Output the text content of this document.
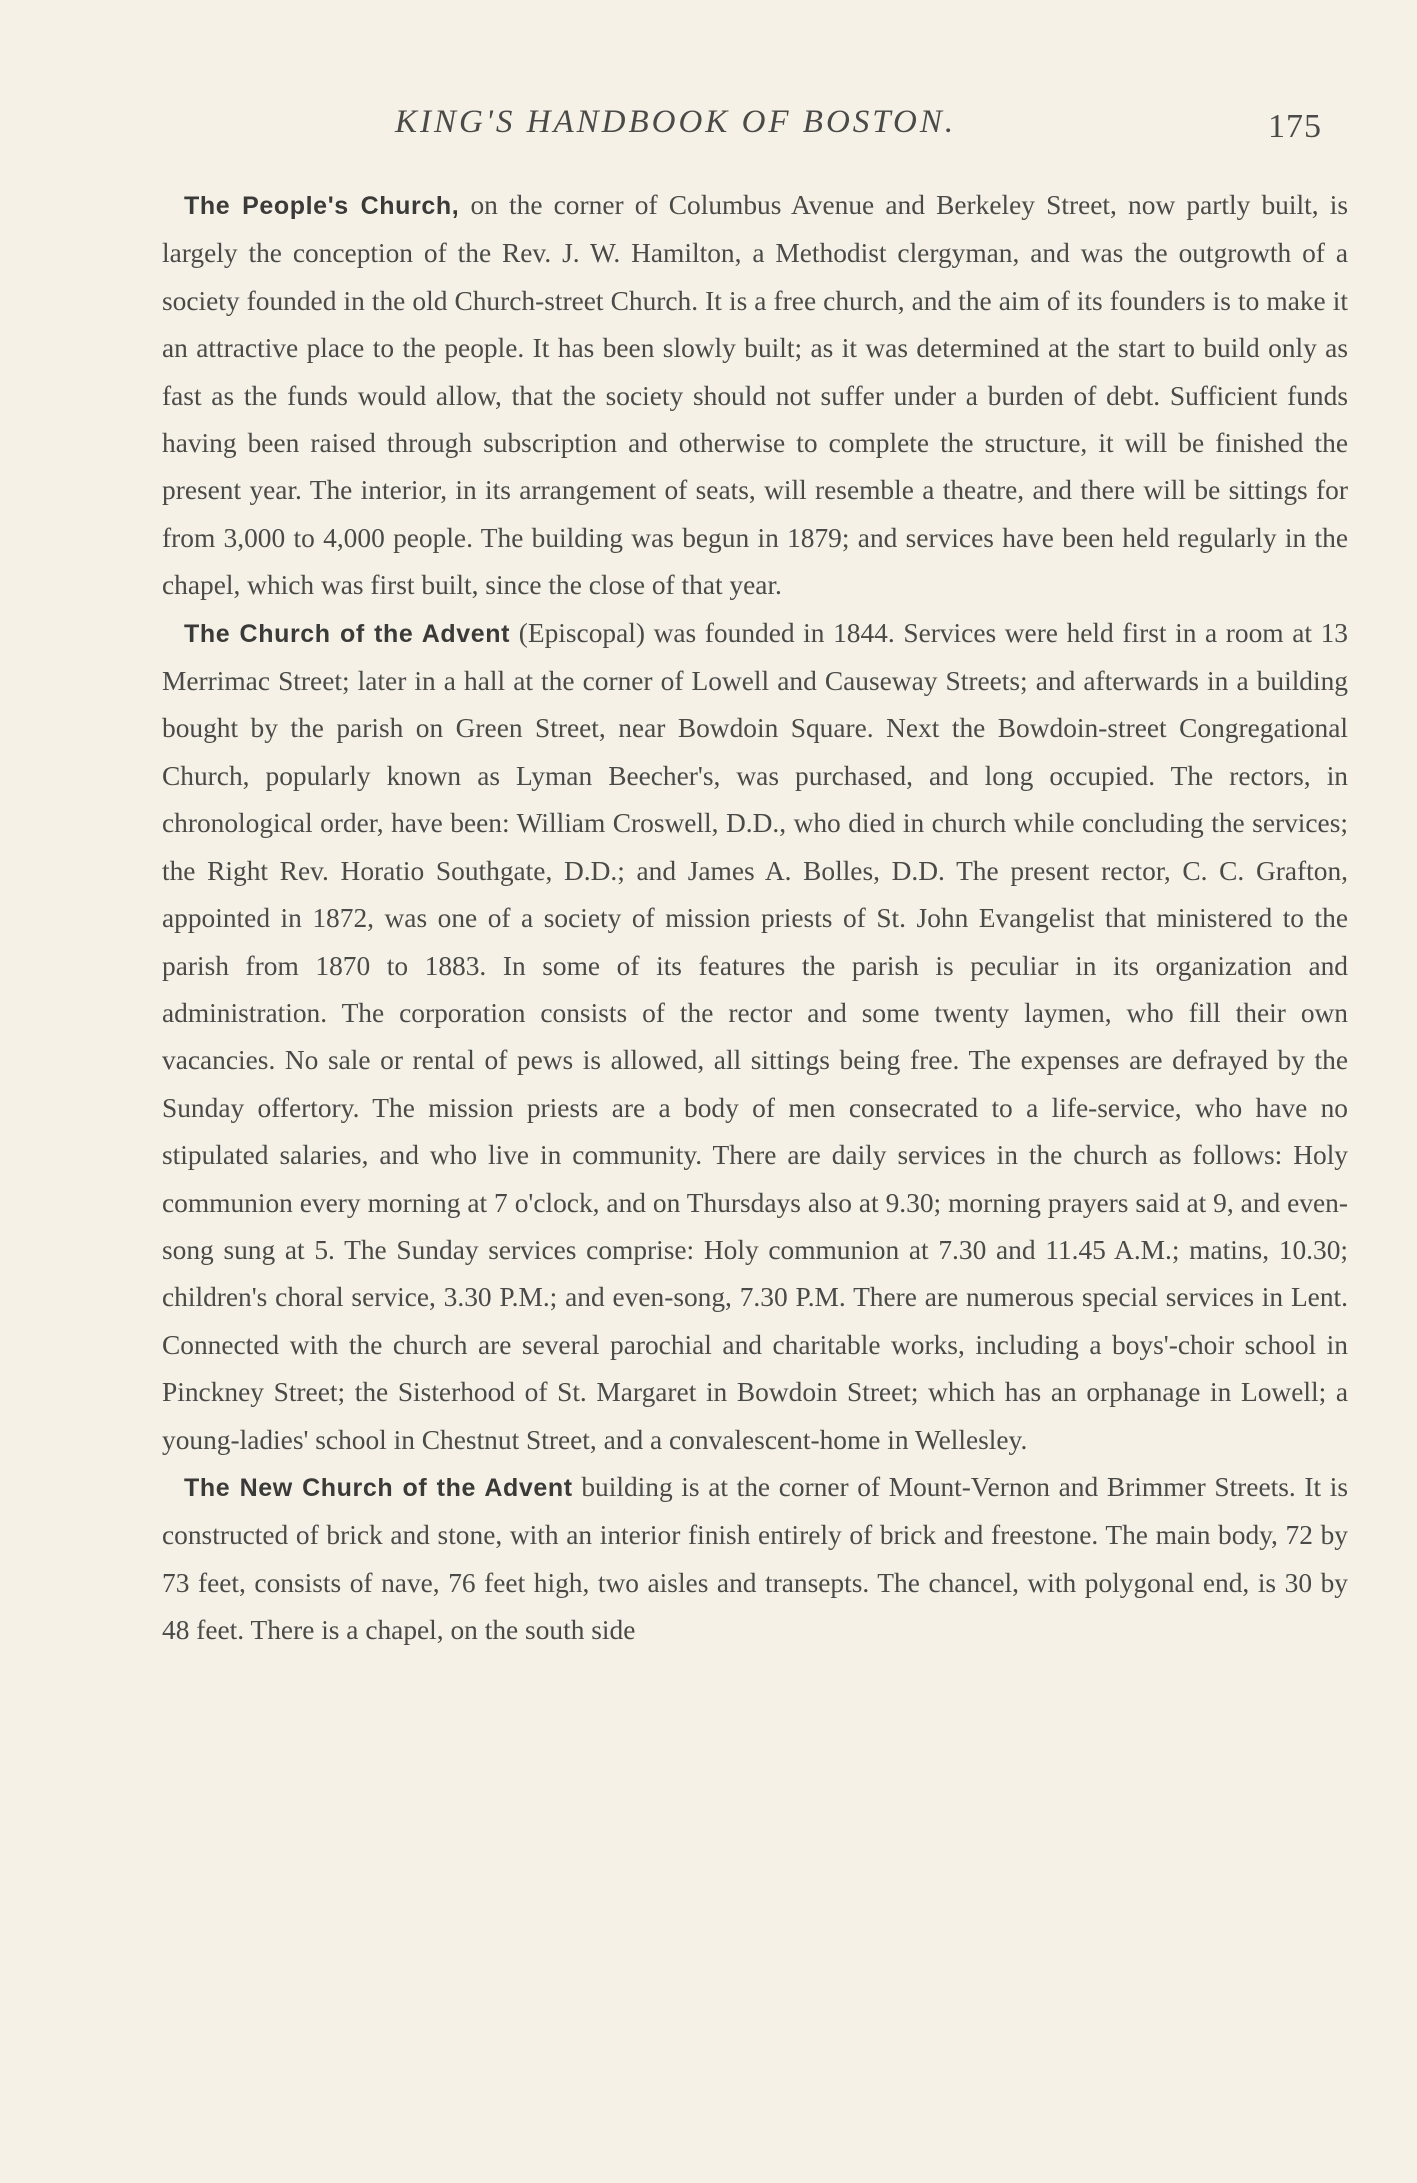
KING'S HANDBOOK OF BOSTON.	175

The People's Church, on the corner of Columbus Avenue and Berkeley Street, now partly built, is largely the conception of the Rev. J. W. Hamilton, a Methodist clergyman, and was the outgrowth of a society founded in the old Church-street Church. It is a free church, and the aim of its founders is to make it an attractive place to the people. It has been slowly built; as it was determined at the start to build only as fast as the funds would allow, that the society should not suffer under a burden of debt. Sufficient funds having been raised through subscription and otherwise to complete the structure, it will be finished the present year. The interior, in its arrangement of seats, will resemble a theatre, and there will be sittings for from 3,000 to 4,000 people. The building was begun in 1879; and services have been held regularly in the chapel, which was first built, since the close of that year.

The Church of the Advent (Episcopal) was founded in 1844. Services were held first in a room at 13 Merrimac Street; later in a hall at the corner of Lowell and Causeway Streets; and afterwards in a building bought by the parish on Green Street, near Bowdoin Square. Next the Bowdoin-street Congregational Church, popularly known as Lyman Beecher's, was purchased, and long occupied. The rectors, in chronological order, have been: William Croswell, D.D., who died in church while concluding the services; the Right Rev. Horatio Southgate, D.D.; and James A. Bolles, D.D. The present rector, C. C. Grafton, appointed in 1872, was one of a society of mission priests of St. John Evangelist that ministered to the parish from 1870 to 1883. In some of its features the parish is peculiar in its organization and administration. The corporation consists of the rector and some twenty laymen, who fill their own vacancies. No sale or rental of pews is allowed, all sittings being free. The expenses are defrayed by the Sunday offertory. The mission priests are a body of men consecrated to a life-service, who have no stipulated salaries, and who live in community. There are daily services in the church as follows: Holy communion every morning at 7 o'clock, and on Thursdays also at 9.30; morning prayers said at 9, and even-song sung at 5. The Sunday services comprise: Holy communion at 7.30 and 11.45 A.M.; matins, 10.30; children's choral service, 3.30 P.M.; and even-song, 7.30 P.M. There are numerous special services in Lent. Connected with the church are several parochial and charitable works, including a boys'-choir school in Pinckney Street; the Sisterhood of St. Margaret in Bowdoin Street; which has an orphanage in Lowell; a young-ladies' school in Chestnut Street, and a convalescent-home in Wellesley.

The New Church of the Advent building is at the corner of Mount-Vernon and Brimmer Streets. It is constructed of brick and stone, with an interior finish entirely of brick and freestone. The main body, 72 by 73 feet, consists of nave, 76 feet high, two aisles and transepts. The chancel, with polygonal end, is 30 by 48 feet. There is a chapel, on the south side
